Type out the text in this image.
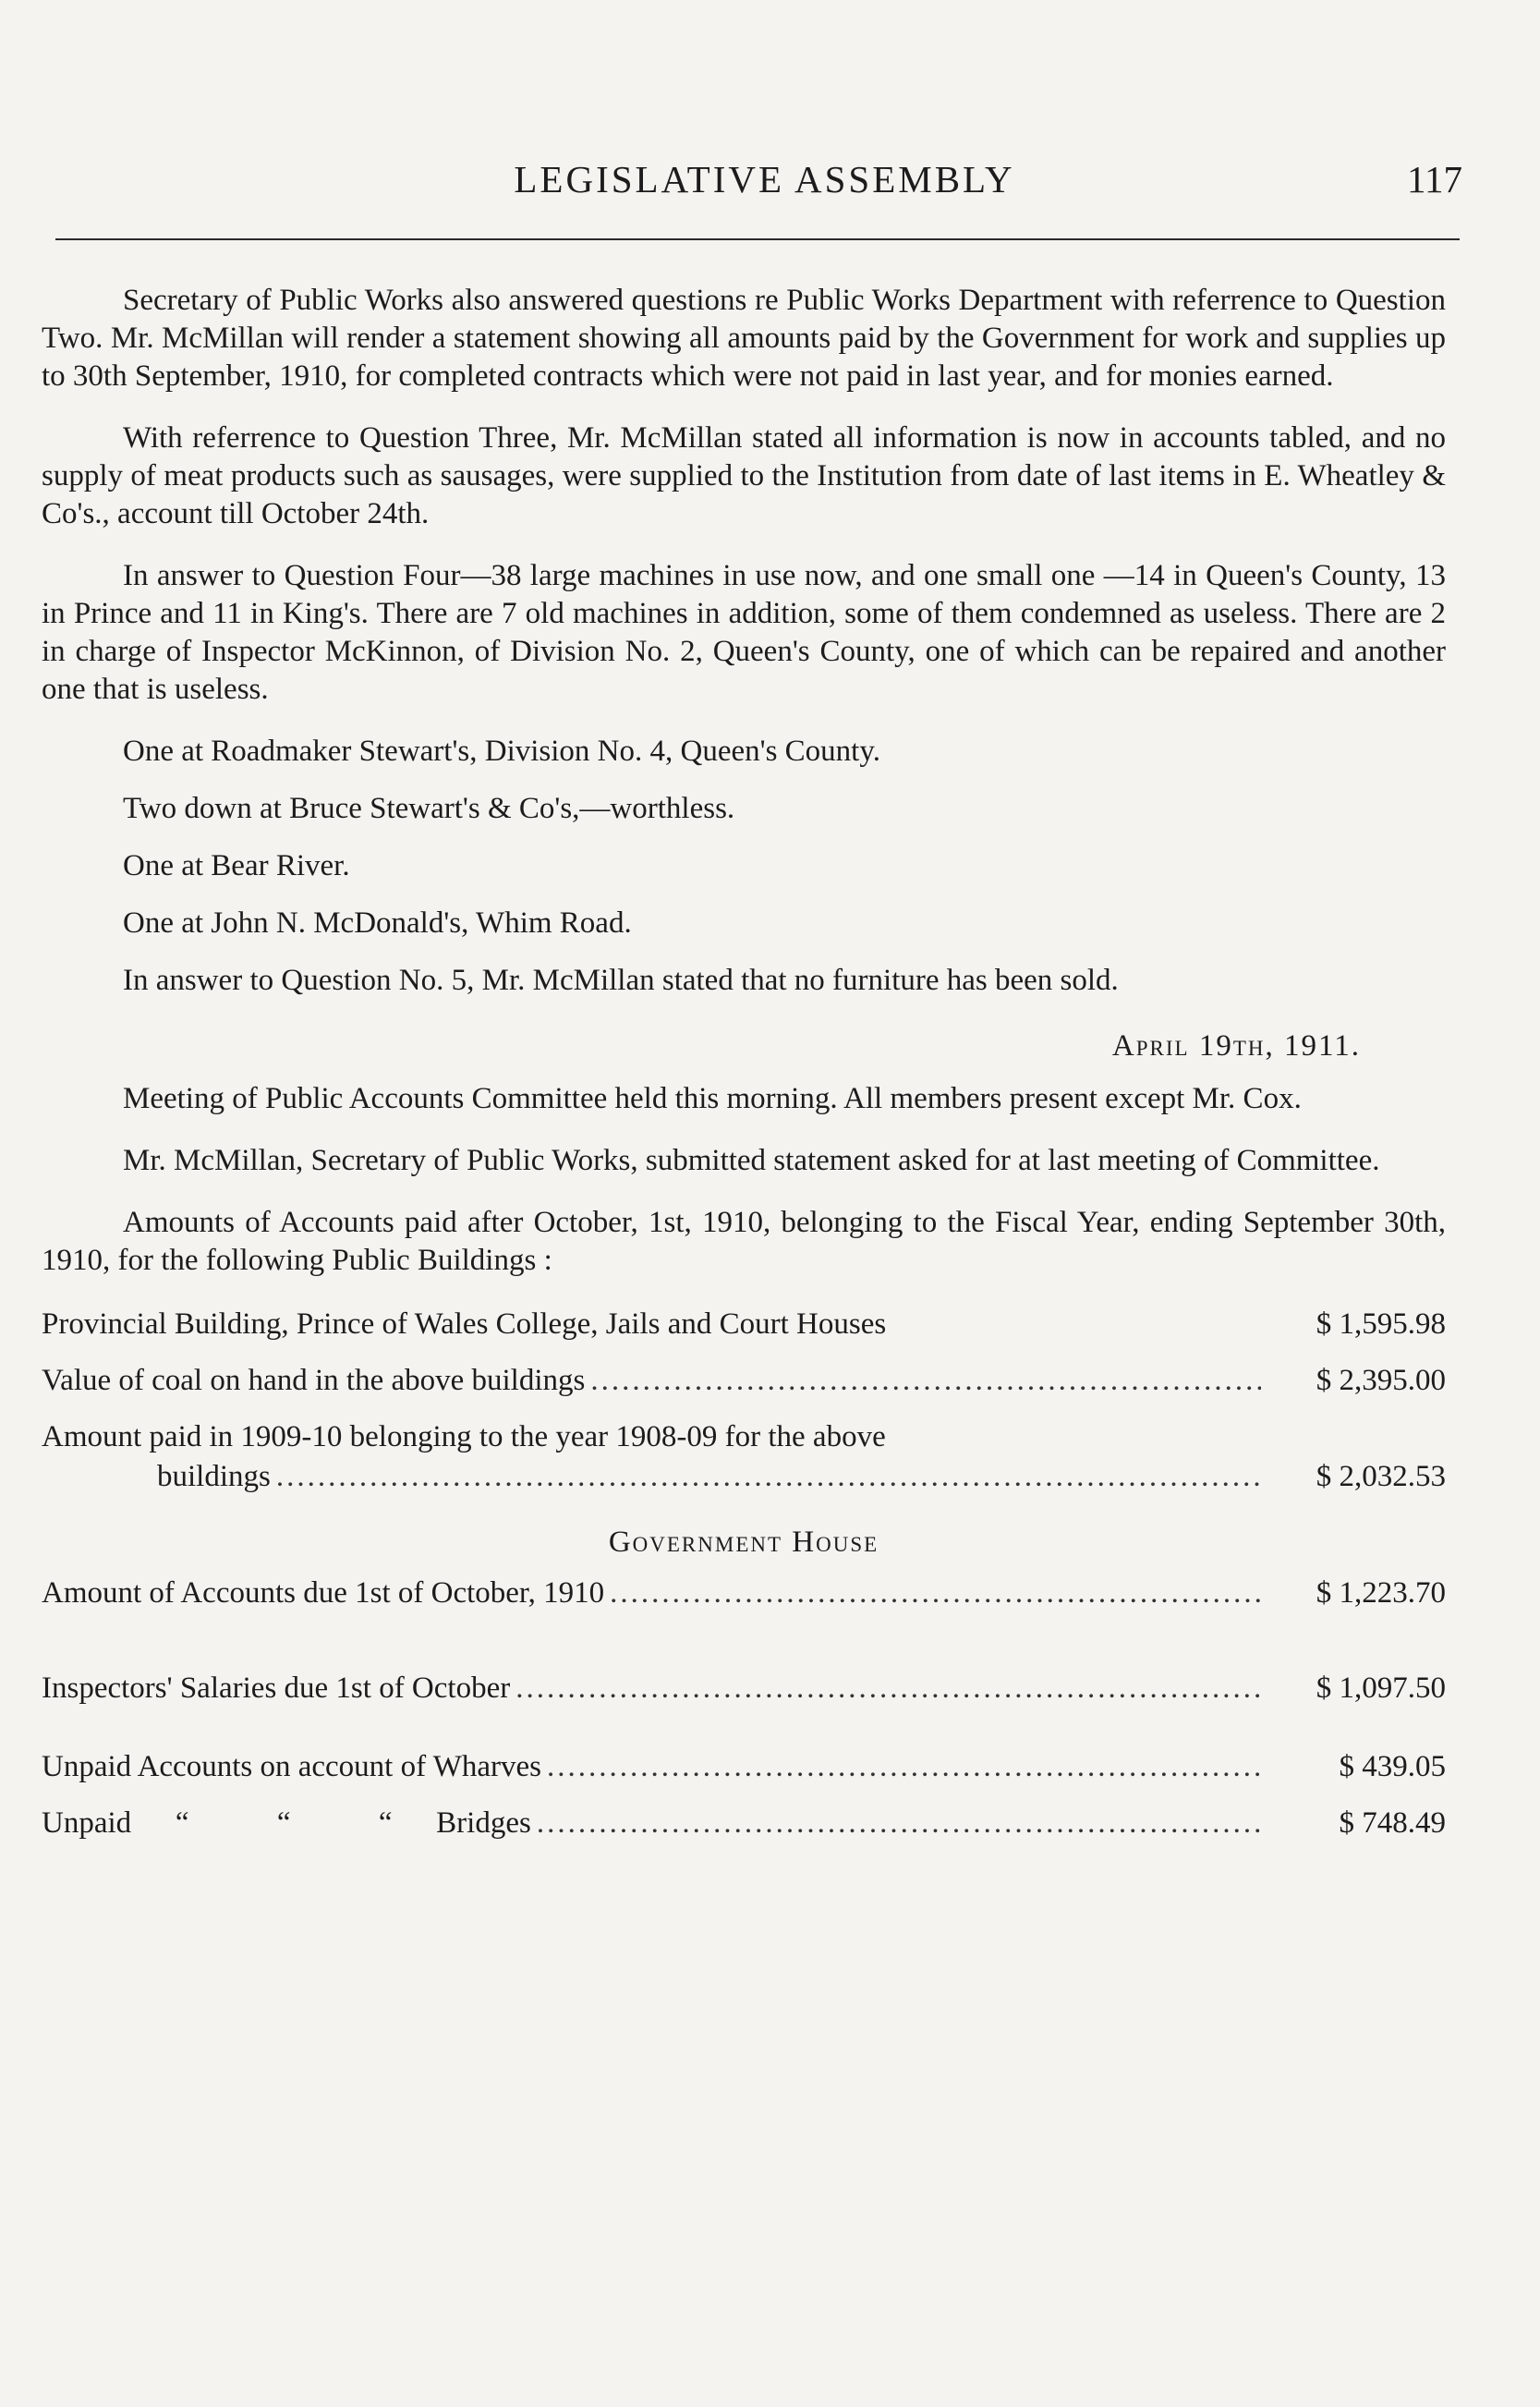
LEGISLATIVE ASSEMBLY	117

Secretary of Public Works also answered questions re Public Works Department with referrence to Question Two. Mr. McMillan will render a statement showing all amounts paid by the Government for work and supplies up to 30th September, 1910, for completed contracts which were not paid in last year, and for monies earned.

With referrence to Question Three, Mr. McMillan stated all information is now in accounts tabled, and no supply of meat products such as sausages, were supplied to the Institution from date of last items in E. Wheatley & Co's., account till October 24th.

In answer to Question Four—38 large machines in use now, and one small one —14 in Queen's County, 13 in Prince and 11 in King's. There are 7 old machines in addition, some of them condemned as useless. There are 2 in charge of Inspector McKinnon, of Division No. 2, Queen's County, one of which can be repaired and another one that is useless.

One at Roadmaker Stewart's, Division No. 4, Queen's County.

Two down at Bruce Stewart's & Co's,—worthless.

One at Bear River.

One at John N. McDonald's, Whim Road.

In answer to Question No. 5, Mr. McMillan stated that no furniture has been sold.

April 19th, 1911.

Meeting of Public Accounts Committee held this morning. All members present except Mr. Cox.

Mr. McMillan, Secretary of Public Works, submitted statement asked for at last meeting of Committee.

Amounts of Accounts paid after October, 1st, 1910, belonging to the Fiscal Year, ending September 30th, 1910, for the following Public Buildings :

Provincial Building, Prince of Wales College, Jails and Court Houses	$ 1,595.98
Value of coal on hand in the above buildings .....	$ 2,395.00
Amount paid in 1909-10 belonging to the year 1908-09 for the above
buildings .....	$ 2,032.53
Government House
Amount of Accounts due 1st of October, 1910 .....	$ 1,223.70
Inspectors' Salaries due 1st of October .....	$ 1,097.50
Unpaid Accounts on account of Wharves .....	$ 439.05
Unpaid	“	“	“	Bridges .....	$ 748.49
